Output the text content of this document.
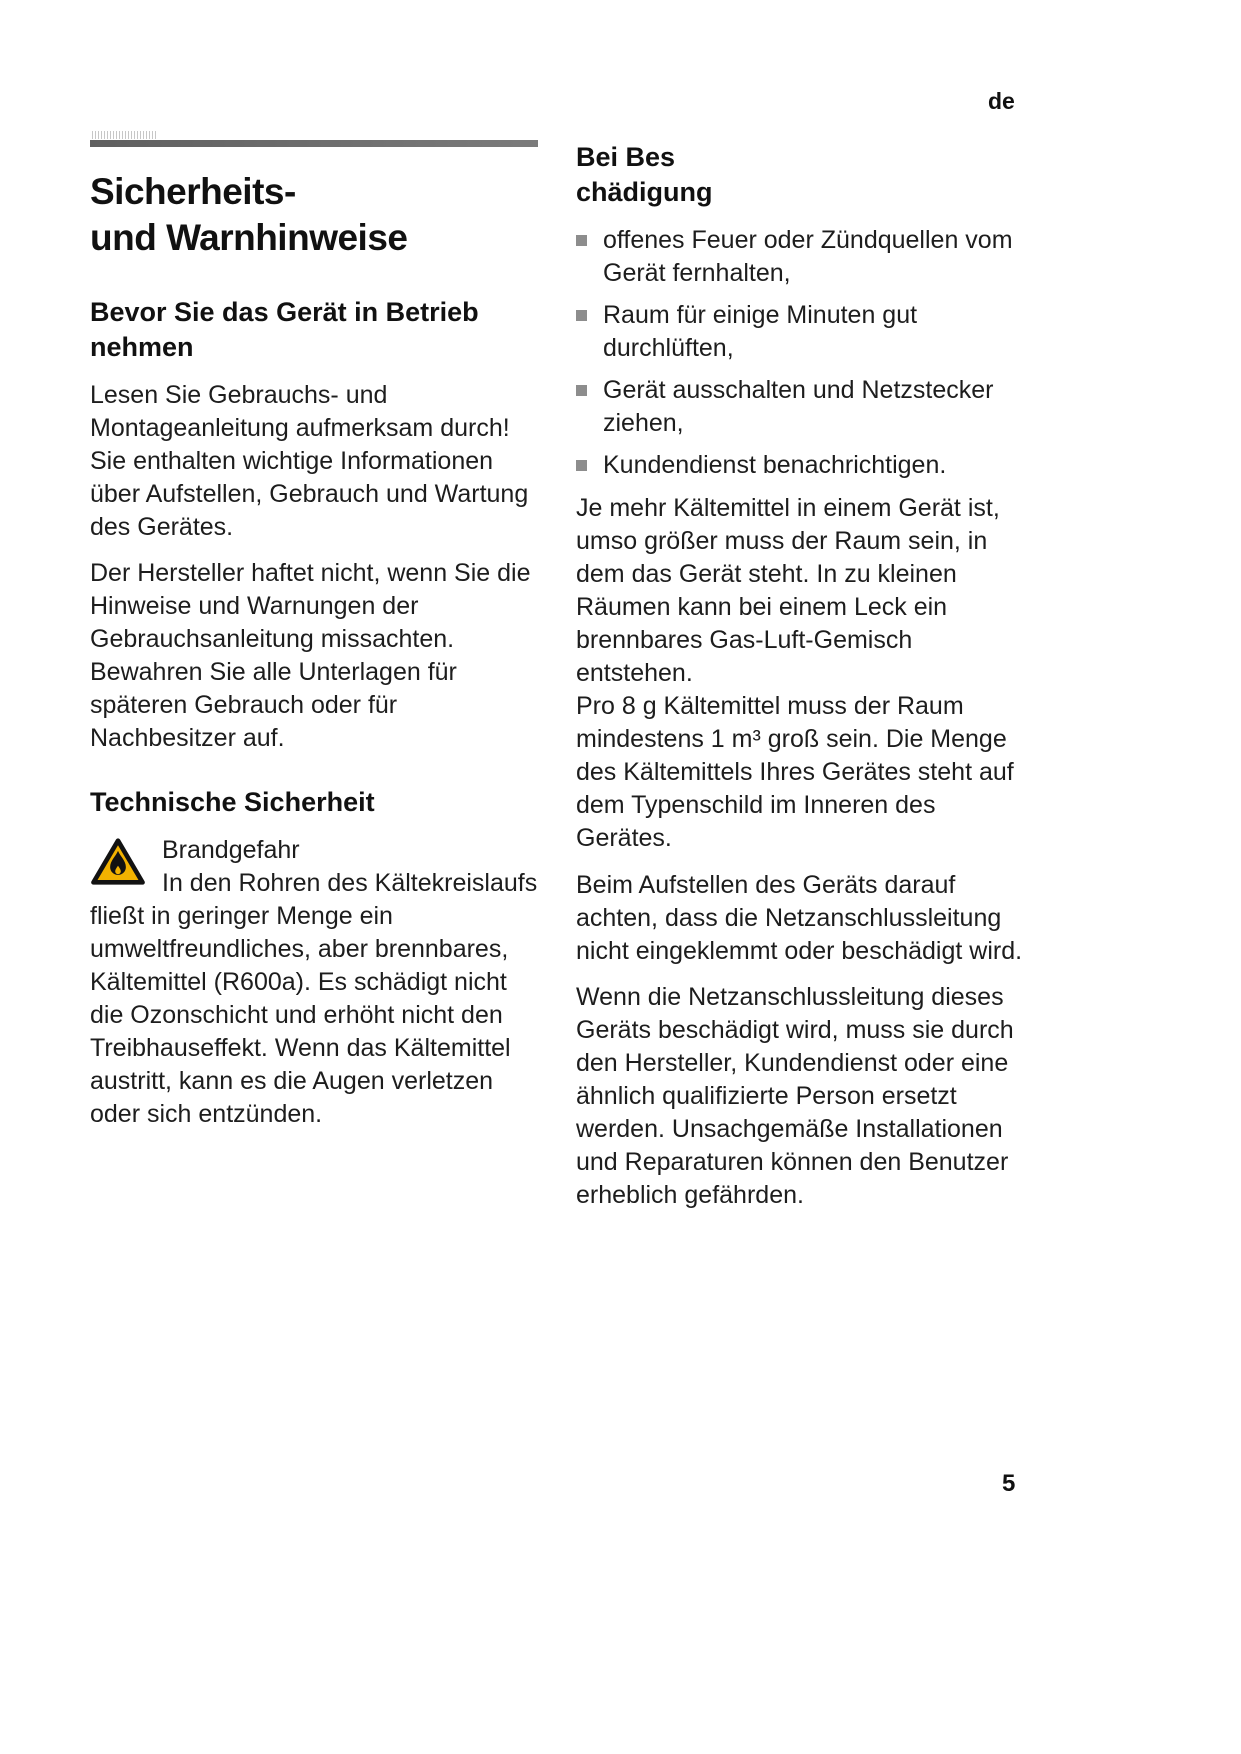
de
Sicherheits-
und Warnhinweise
Bevor Sie das Gerät in Betrieb nehmen

Lesen Sie Gebrauchs- und Montageanleitung aufmerksam durch! Sie enthalten wichtige Informationen über Aufstellen, Gebrauch und Wartung des Gerätes.

Der Hersteller haftet nicht, wenn Sie die Hinweise und Warnungen der Gebrauchsanleitung missachten. Bewahren Sie alle Unterlagen für späteren Gebrauch oder für Nachbesitzer auf.

Technische Sicherheit

Brandgefahr

In den Rohren des Kältekreislaufs fließt in geringer Menge ein umweltfreundliches, aber brennbares, Kältemittel (R600a). Es schädigt nicht die Ozonschicht und erhöht nicht den Treibhauseffekt. Wenn das Kältemittel austritt, kann es die Augen verletzen oder sich entzünden.

Bei Bes
chädigung
offenes Feuer oder Zündquellen vom Gerät fernhalten,
Raum für einige Minuten gut durchlüften,
Gerät ausschalten und Netzstecker ziehen,
Kundendienst benachrichtigen.

Je mehr Kältemittel in einem Gerät ist, umso größer muss der Raum sein, in dem das Gerät steht. In zu kleinen Räumen kann bei einem Leck ein brennbares Gas-Luft-Gemisch entstehen.

Pro 8 g Kältemittel muss der Raum mindestens 1 m³ groß sein. Die Menge des Kältemittels Ihres Gerätes steht auf dem Typenschild im Inneren des Gerätes.

Beim Aufstellen des Geräts darauf achten, dass die Netzanschlussleitung nicht eingeklemmt oder beschädigt wird.

Wenn die Netzanschlussleitung dieses Geräts beschädigt wird, muss sie durch den Hersteller, Kundendienst oder eine ähnlich qualifizierte Person ersetzt werden. Unsachgemäße Installationen und Reparaturen können den Benutzer erheblich gefährden.

5
